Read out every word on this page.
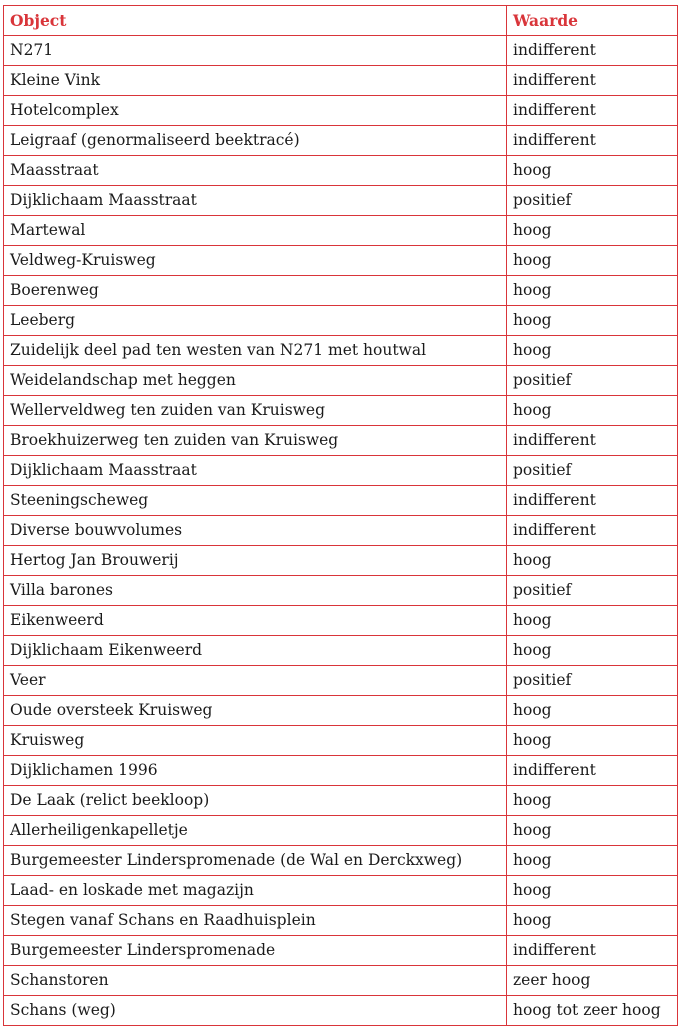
Object	Waarde
N271	indifferent
Kleine Vink	indifferent
Hotelcomplex	indifferent
Leigraaf (genormaliseerd beektracé)	indifferent
Maasstraat	hoog
Dijklichaam Maasstraat	positief
Martewal	hoog
Veldweg-Kruisweg	hoog
Boerenweg	hoog
Leeberg	hoog
Zuidelijk deel pad ten westen van N271 met houtwal	hoog
Weidelandschap met heggen	positief
Wellerveldweg ten zuiden van Kruisweg	hoog
Broekhuizerweg ten zuiden van Kruisweg	indifferent
Dijklichaam Maasstraat	positief
Steeningscheweg	indifferent
Diverse bouwvolumes	indifferent
Hertog Jan Brouwerij	hoog
Villa barones	positief
Eikenweerd	hoog
Dijklichaam Eikenweerd	hoog
Veer	positief
Oude oversteek Kruisweg	hoog
Kruisweg	hoog
Dijklichamen 1996	indifferent
De Laak (relict beekloop)	hoog
Allerheiligenkapelletje	hoog
Burgemeester Linderspromenade (de Wal en Derckxweg)	hoog
Laad- en loskade met magazijn	hoog
Stegen vanaf Schans en Raadhuisplein	hoog
Burgemeester Linderspromenade	indifferent
Schanstoren	zeer hoog
Schans (weg)	hoog tot zeer hoog
